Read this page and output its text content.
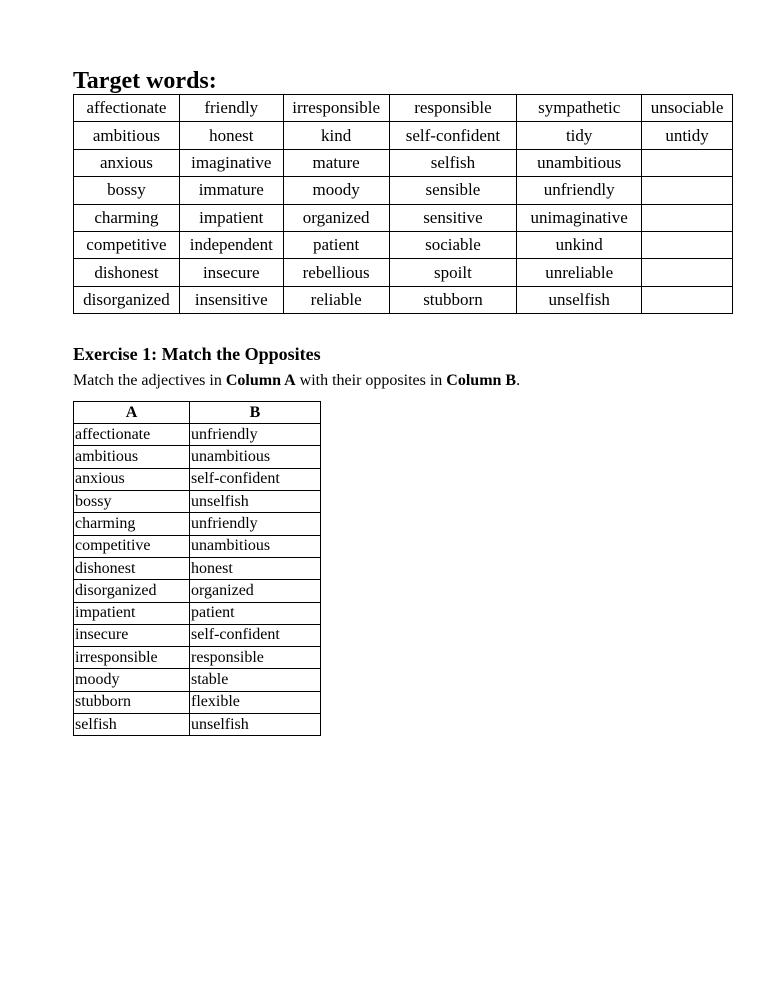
Target words:
affectionate	friendly	irresponsible	responsible	sympathetic	unsociable
ambitious	honest	kind	self-confident	tidy	untidy
anxious	imaginative	mature	selfish	unambitious	
bossy	immature	moody	sensible	unfriendly	
charming	impatient	organized	sensitive	unimaginative	
competitive	independent	patient	sociable	unkind	
dishonest	insecure	rebellious	spoilt	unreliable	
disorganized	insensitive	reliable	stubborn	unselfish	
Exercise 1: Match the Opposites

Match the adjectives in Column A with their opposites in Column B.

A	B
affectionate	unfriendly
ambitious	unambitious
anxious	self-confident
bossy	unselfish
charming	unfriendly
competitive	unambitious
dishonest	honest
disorganized	organized
impatient	patient
insecure	self-confident
irresponsible	responsible
moody	stable
stubborn	flexible
selfish	unselfish
